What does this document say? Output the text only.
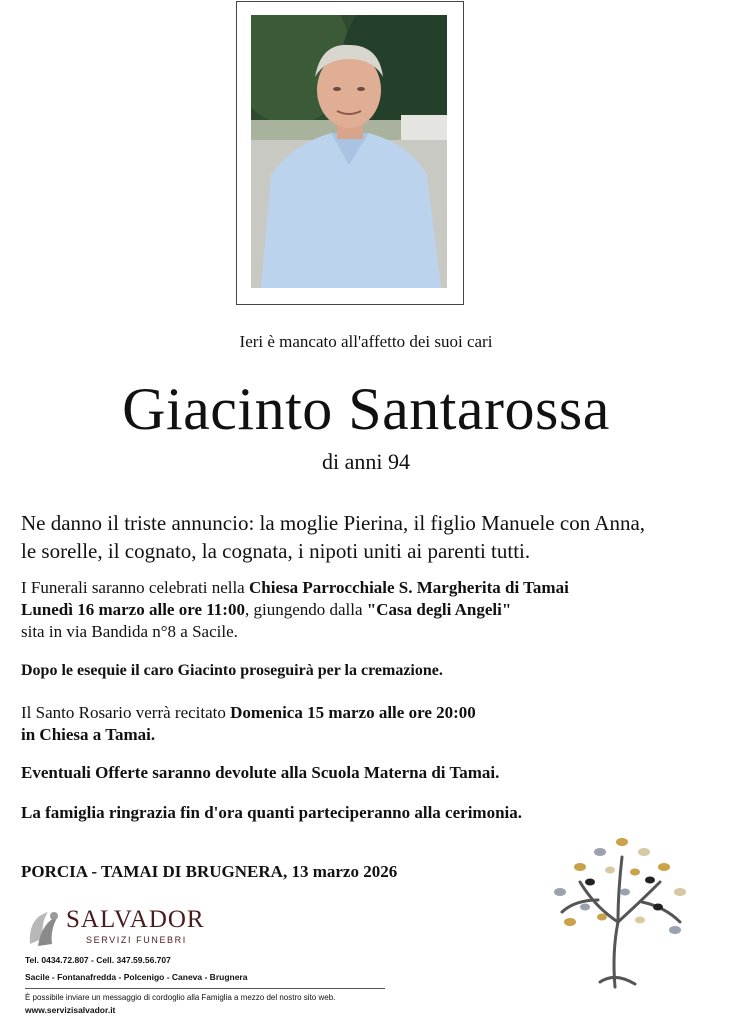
Ieri è mancato all'affetto dei suoi cari
Giacinto Santarossa
di anni 94
Ne danno il triste annuncio: la moglie Pierina, il figlio Manuele con Anna,
le sorelle, il cognato, la cognata, i nipoti uniti ai parenti tutti.
I Funerali saranno celebrati nella Chiesa Parrocchiale S. Margherita di Tamai
Lunedì 16 marzo alle ore 11:00, giungendo dalla "Casa degli Angeli"
sita in via Bandida n°8 a Sacile.
Dopo le esequie il caro Giacinto proseguirà per la cremazione.
Il Santo Rosario verrà recitato Domenica 15 marzo alle ore 20:00
in Chiesa a Tamai.
Eventuali Offerte saranno devolute alla Scuola Materna di Tamai.
La famiglia ringrazia fin d'ora quanti parteciperanno alla cerimonia.
PORCIA - TAMAI DI BRUGNERA, 13 marzo 2026
SALVADOR
SERVIZI FUNEBRI
Tel. 0434.72.807 - Cell. 347.59.56.707
Sacile - Fontanafredda - Polcenigo - Caneva - Brugnera
È possibile inviare un messaggio di cordoglio alla Famiglia a mezzo del nostro sito web.
www.servizisalvador.it
